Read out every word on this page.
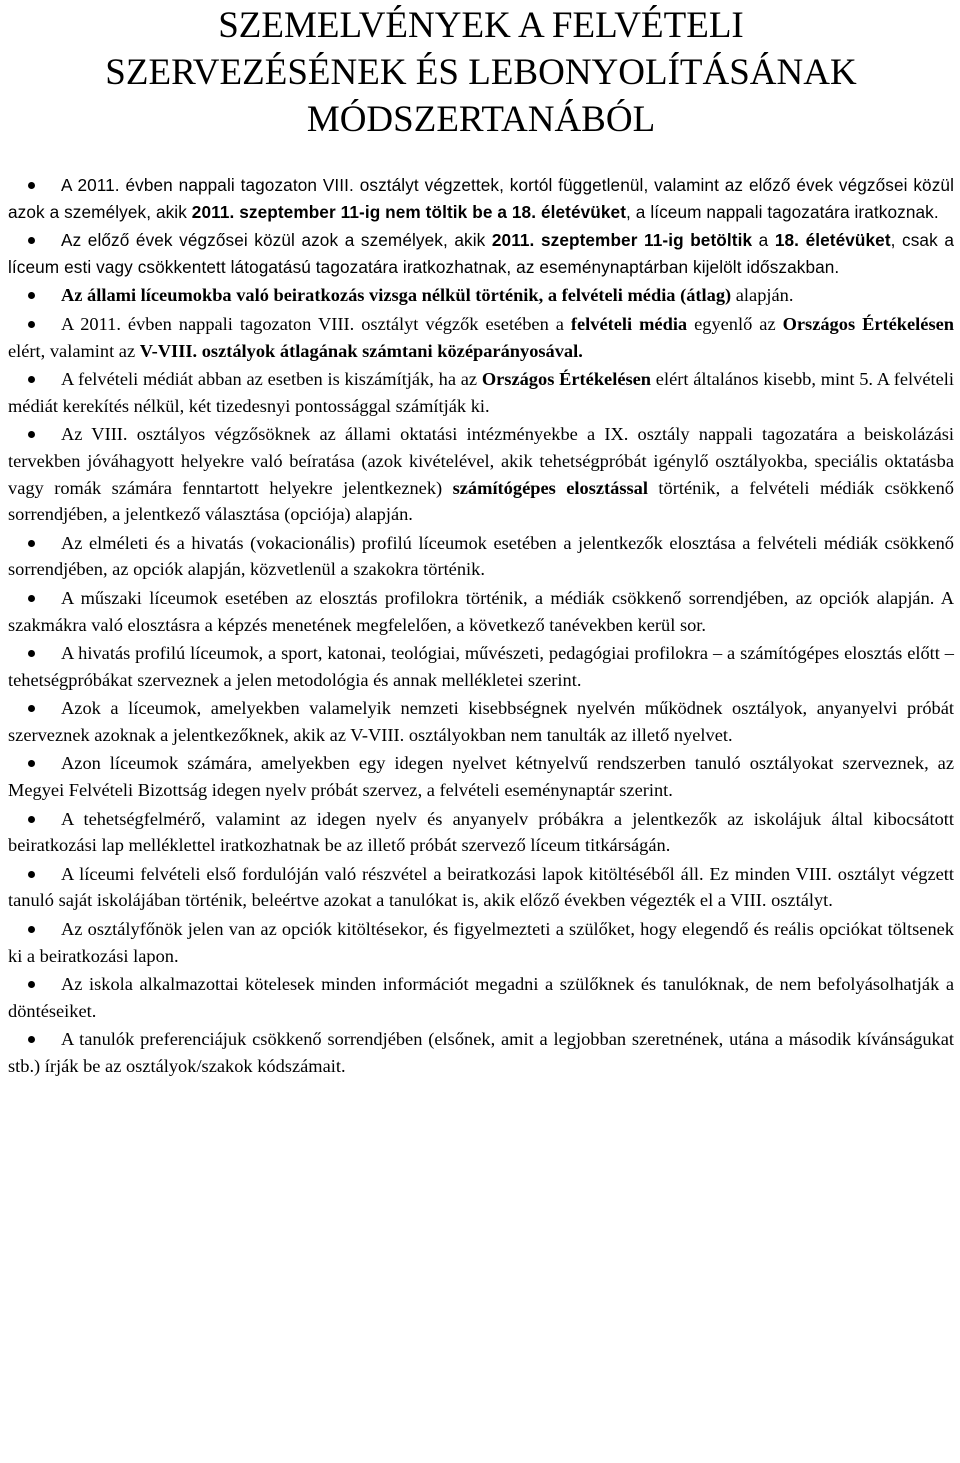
SZEMELVÉNYEK A FELVÉTELI
SZERVEZÉSÉNEK ÉS LEBONYOLÍTÁSÁNAK
MÓDSZERTANÁBÓL
A 2011. évben nappali tagozaton VIII. osztályt végzettek, kortól függetlenül, valamint az előző évek végzősei közül azok a személyek, akik 2011. szeptember 11-ig nem töltik be a 18. életévüket, a líceum nappali tagozatára iratkoznak.
Az előző évek végzősei közül azok a személyek, akik 2011. szeptember 11-ig betöltik a 18. életévüket, csak a líceum esti vagy csökkentett látogatású tagozatára iratkozhatnak, az eseménynaptárban kijelölt időszakban.
Az állami líceumokba való beiratkozás vizsga nélkül történik, a felvételi média (átlag) alapján.
A 2011. évben nappali tagozaton VIII. osztályt végzők esetében a felvételi média egyenlő az Országos Értékelésen elért, valamint az V-VIII. osztályok átlagának számtani középarányosával.
A felvételi médiát abban az esetben is kiszámítják, ha az Országos Értékelésen elért általános kisebb, mint 5. A felvételi médiát kerekítés nélkül, két tizedesnyi pontossággal számítják ki.
Az VIII. osztályos végzősöknek az állami oktatási intézményekbe a IX. osztály nappali tagozatára a beiskolázási tervekben jóváhagyott helyekre való beíratása (azok kivételével, akik tehetségpróbát igénylő osztályokba, speciális oktatásba vagy romák számára fenntartott helyekre jelentkeznek) számítógépes elosztással történik, a felvételi médiák csökkenő sorrendjében, a jelentkező választása (opciója) alapján.
Az elméleti és a hivatás (vokacionális) profilú líceumok esetében a jelentkezők elosztása a felvételi médiák csökkenő sorrendjében, az opciók alapján, közvetlenül a szakokra történik.
A műszaki líceumok esetében az elosztás profilokra történik, a médiák csökkenő sorrendjében, az opciók alapján. A szakmákra való elosztásra a képzés menetének megfelelően, a következő tanévekben kerül sor.
A hivatás profilú líceumok, a sport, katonai, teológiai, művészeti, pedagógiai profilokra – a számítógépes elosztás előtt – tehetségpróbákat szerveznek a jelen metodológia és annak mellékletei szerint.
Azok a líceumok, amelyekben valamelyik nemzeti kisebbségnek nyelvén működnek osztályok, anyanyelvi próbát szerveznek azoknak a jelentkezőknek, akik az V-VIII. osztályokban nem tanulták az illető nyelvet.
Azon líceumok számára, amelyekben egy idegen nyelvet kétnyelvű rendszerben tanuló osztályokat szerveznek, az Megyei Felvételi Bizottság idegen nyelv próbát szervez, a felvételi eseménynaptár szerint.
A tehetségfelmérő, valamint az idegen nyelv és anyanyelv próbákra a jelentkezők az iskolájuk által kibocsátott beiratkozási lap melléklettel iratkozhatnak be az illető próbát szervező líceum titkárságán.
A líceumi felvételi első fordulóján való részvétel a beiratkozási lapok kitöltéséből áll. Ez minden VIII. osztályt végzett tanuló saját iskolájában történik, beleértve azokat a tanulókat is, akik előző években végezték el a VIII. osztályt.
Az osztályfőnök jelen van az opciók kitöltésekor, és figyelmezteti a szülőket, hogy elegendő és reális opciókat töltsenek ki a beiratkozási lapon.
Az iskola alkalmazottai kötelesek minden információt megadni a szülőknek és tanulóknak, de nem befolyásolhatják a döntéseiket.
A tanulók preferenciájuk csökkenő sorrendjében (elsőnek, amit a legjobban szeretnének, utána a második kívánságukat stb.) írják be az osztályok/szakok kódszámait.
